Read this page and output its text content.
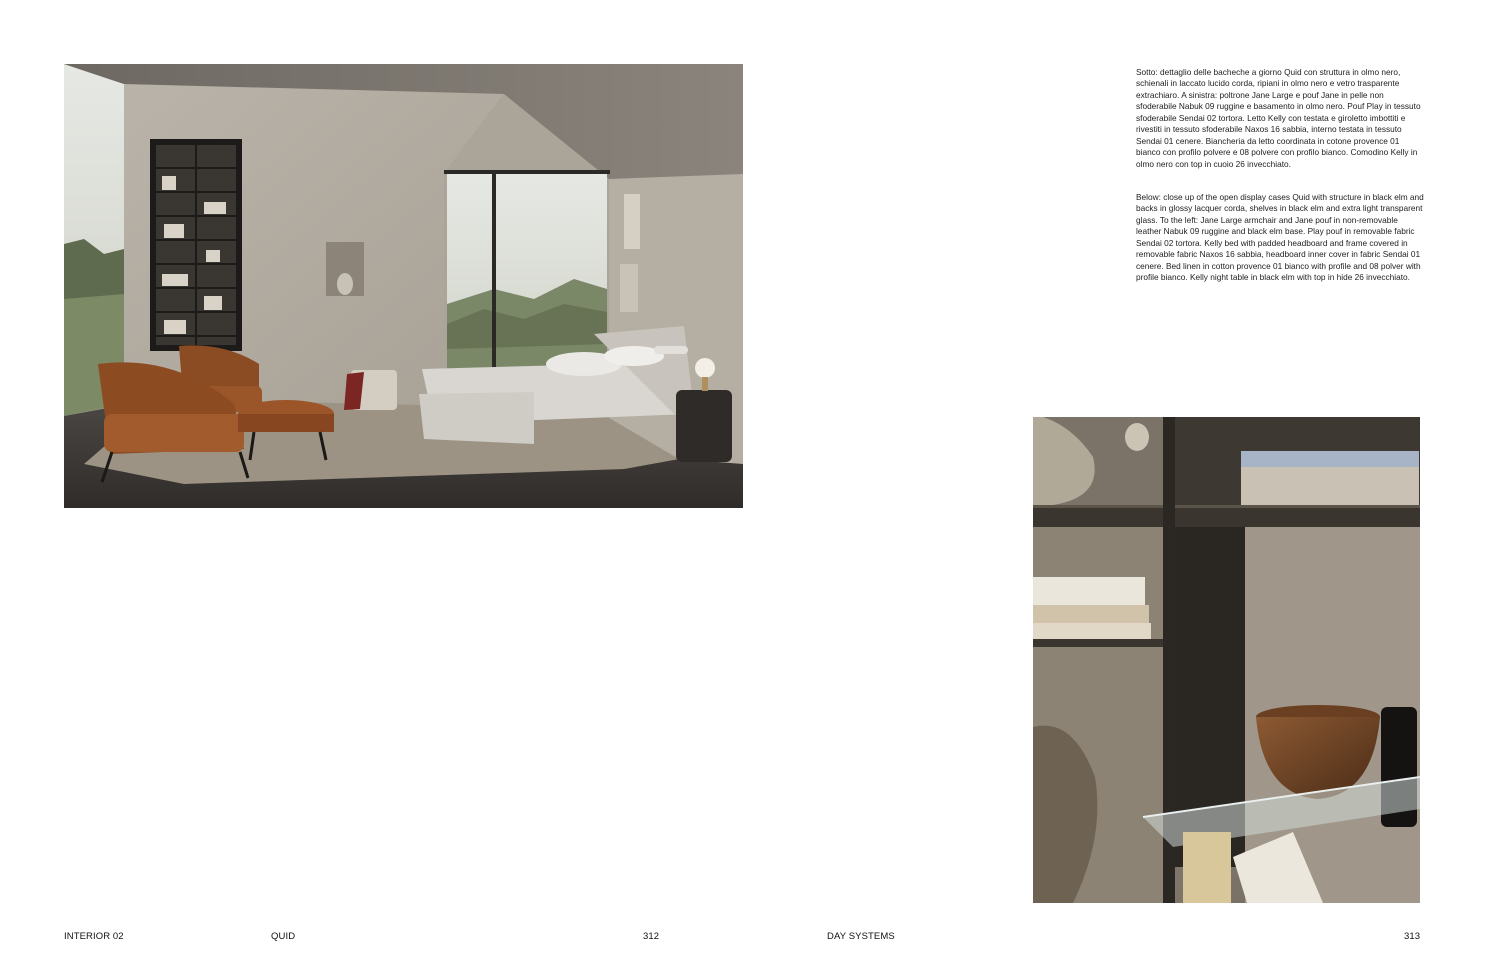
Sotto: dettaglio delle bacheche a giorno Quid con struttura in olmo nero, schienali in laccato lucido corda, ripiani in olmo nero e vetro trasparente extrachiaro. A sinistra: poltrone Jane Large e pouf Jane in pelle non sfoderabile Nabuk 09 ruggine e basamento in olmo nero. Pouf Play in tessuto sfoderabile Sendai 02 tortora. Letto Kelly con testata e giroletto imbottiti e rivestiti in tessuto sfoderabile Naxos 16 sabbia, interno testata in tessuto Sendai 01 cenere. Biancheria da letto coordinata in cotone provence 01 bianco con profilo polvere e 08 polvere con profilo bianco. Comodino Kelly in olmo nero con top in cuoio 26 invecchiato.

Below: close up of the open display cases Quid with structure in black elm and backs in glossy lacquer corda, shelves in black elm and extra light transparent glass. To the left: Jane Large armchair and Jane pouf in non-removable leather Nabuk 09 ruggine and black elm base. Play pouf in removable fabric Sendai 02 tortora. Kelly bed with padded headboard and frame covered in removable fabric Naxos 16 sabbia, headboard inner cover in fabric Sendai 01 cenere. Bed linen in cotton provence 01 bianco with profile and 08 polver with profile bianco. Kelly night table in black elm with top in hide 26 invecchiato.

INTERIOR 02	QUID	312	DAY SYSTEMS	313
